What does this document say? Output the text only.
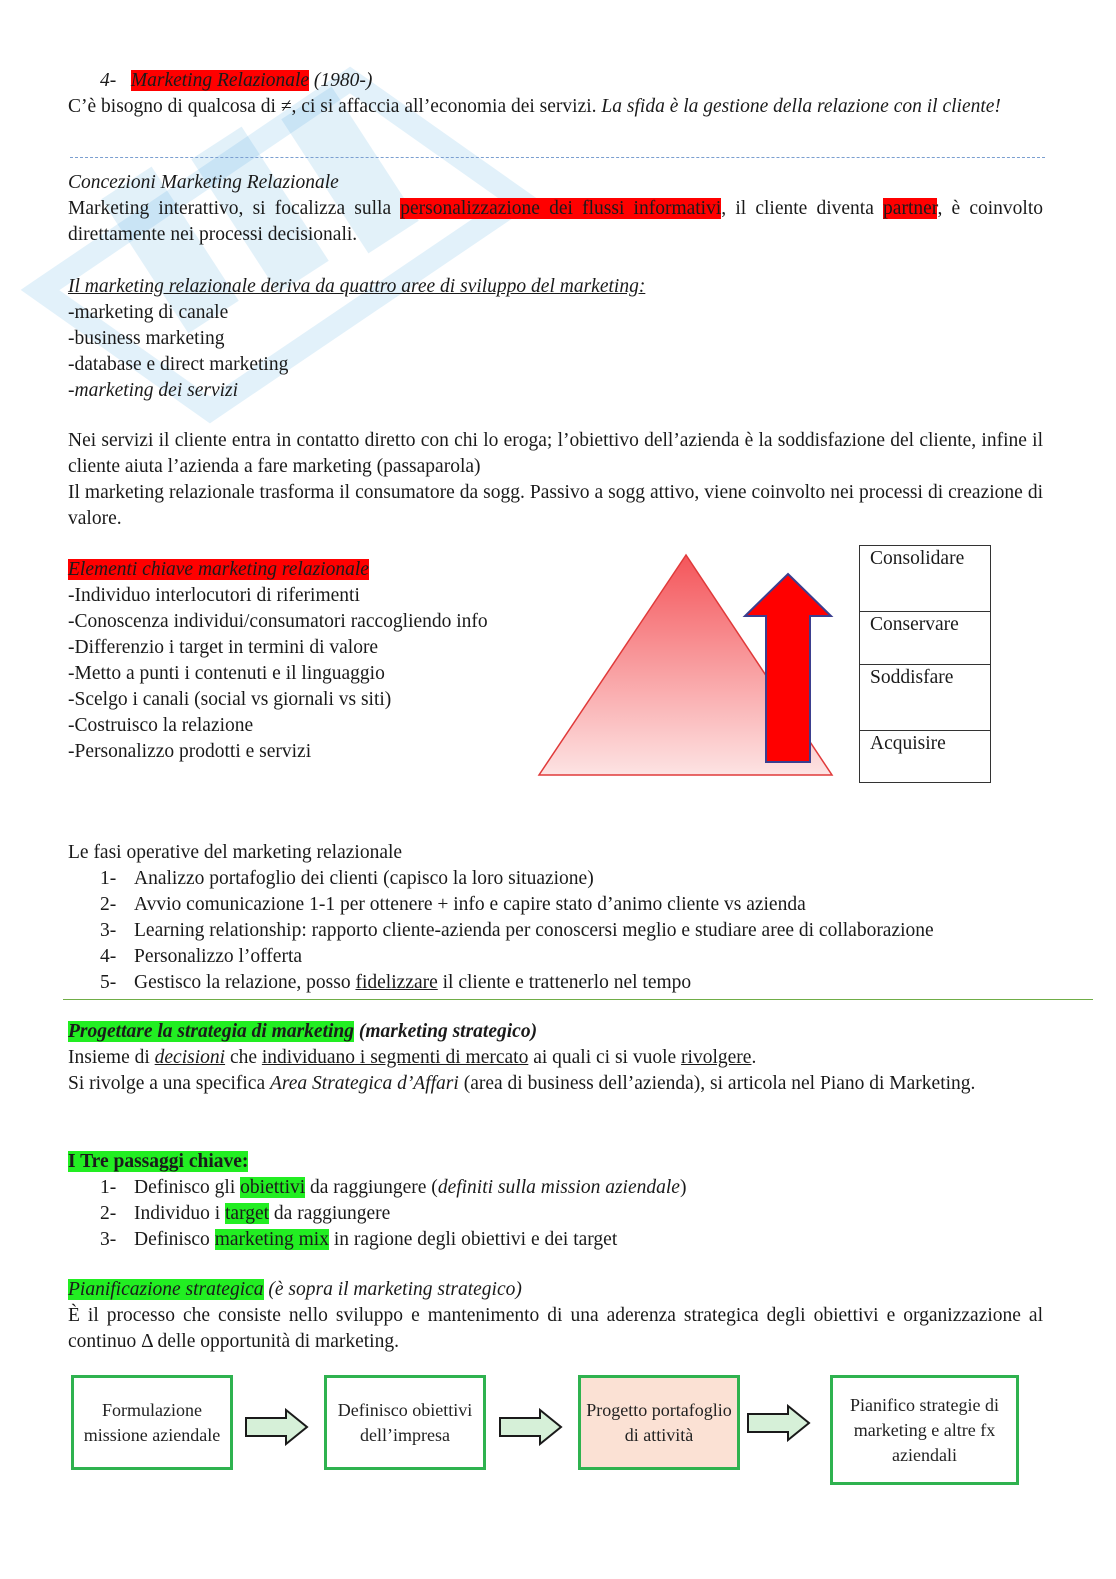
4- Marketing Relazionale (1980-)
C’è bisogno di qualcosa di ≠, ci si affaccia all’economia dei servizi. La sfida è la gestione della relazione con il cliente!
Concezioni Marketing Relazionale
Marketing interattivo, si focalizza sulla personalizzazione dei flussi informativi, il cliente diventa partner, è coinvolto direttamente nei processi decisionali.
Il marketing relazionale deriva da quattro aree di sviluppo del marketing:
-marketing di canale
-business marketing
-database e direct marketing
-marketing dei servizi
Nei servizi il cliente entra in contatto diretto con chi lo eroga; l’obiettivo dell’azienda è la soddisfazione del cliente, infine il cliente aiuta l’azienda a fare marketing (passaparola)
Il marketing relazionale trasforma il consumatore da sogg. Passivo a sogg attivo, viene coinvolto nei processi di creazione di valore.
Elementi chiave marketing relazionale
-Individuo interlocutori di riferimenti
-Conoscenza individui/consumatori raccogliendo info
-Differenzio i target in termini di valore
-Metto a punti i contenuti e il linguaggio
-Scelgo i canali (social vs giornali vs siti)
-Costruisco la relazione
-Personalizzo prodotti e servizi
Consolidare
Conservare
Soddisfare
Acquisire
Le fasi operative del marketing relazionale
1- Analizzo portafoglio dei clienti (capisco la loro situazione)
2- Avvio comunicazione 1-1 per ottenere + info e capire stato d’animo cliente vs azienda
3- Learning relationship: rapporto cliente-azienda per conoscersi meglio e studiare aree di collaborazione
4- Personalizzo l’offerta
5- Gestisco la relazione, posso fidelizzare il cliente e trattenerlo nel tempo
Progettare la strategia di marketing (marketing strategico)
Insieme di decisioni che individuano i segmenti di mercato ai quali ci si vuole rivolgere.
Si rivolge a una specifica Area Strategica d’Affari (area di business dell’azienda), si articola nel Piano di Marketing.
I Tre passaggi chiave:
1- Definisco gli obiettivi da raggiungere (definiti sulla mission aziendale)
2- Individuo i target da raggiungere
3- Definisco marketing mix in ragione degli obiettivi e dei target
Pianificazione strategica (è sopra il marketing strategico)
È il processo che consiste nello sviluppo e mantenimento di una aderenza strategica degli obiettivi e organizzazione al continuo Δ delle opportunità di marketing.
Formulazione missione aziendale
Definisco obiettivi dell’impresa
Progetto portafoglio di attività
Pianifico strategie di marketing e altre fx aziendali
